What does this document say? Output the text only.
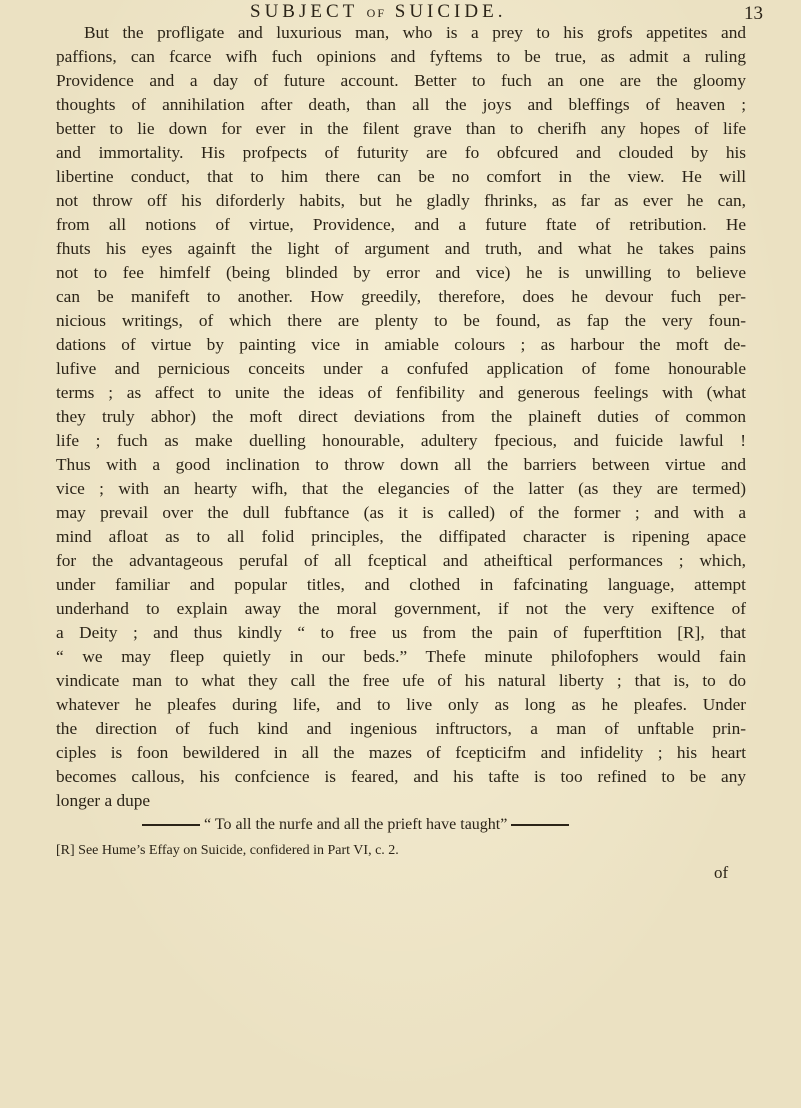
SUBJECT OF SUICIDE.	13
But the profligate and luxurious man, who is a prey to his grofs appetites and
paffions, can fcarce wifh fuch opinions and fyftems to be true, as admit a ruling
Providence and a day of future account. Better to fuch an one are the gloomy
thoughts of annihilation after death, than all the joys and bleffings of heaven ;
better to lie down for ever in the filent grave than to cherifh any hopes of life
and immortality. His profpects of futurity are fo obfcured and clouded by his
libertine conduct, that to him there can be no comfort in the view. He will
not throw off his diforderly habits, but he gladly fhrinks, as far as ever he can,
from all notions of virtue, Providence, and a future ftate of retribution. He
fhuts his eyes againft the light of argument and truth, and what he takes pains
not to fee himfelf (being blinded by error and vice) he is unwilling to believe
can be manifeft to another. How greedily, therefore, does he devour fuch per-
nicious writings, of which there are plenty to be found, as fap the very foun-
dations of virtue by painting vice in amiable colours ; as harbour the moft de-
lufive and pernicious conceits under a confufed application of fome honourable
terms ; as affect to unite the ideas of fenfibility and generous feelings with (what
they truly abhor) the moft direct deviations from the plaineft duties of common
life ; fuch as make duelling honourable, adultery fpecious, and fuicide lawful !
Thus with a good inclination to throw down all the barriers between virtue and
vice ; with an hearty wifh, that the elegancies of the latter (as they are termed)
may prevail over the dull fubftance (as it is called) of the former ; and with a
mind afloat as to all folid principles, the diffipated character is ripening apace
for the advantageous perufal of all fceptical and atheiftical performances ; which,
under familiar and popular titles, and clothed in fafcinating language, attempt
underhand to explain away the moral government, if not the very exiftence of
a Deity ; and thus kindly “ to free us from the pain of fuperftition [R], that
“ we may fleep quietly in our beds.” Thefe minute philofophers would fain
vindicate man to what they call the free ufe of his natural liberty ; that is, to do
whatever he pleafes during life, and to live only as long as he pleafes. Under
the direction of fuch kind and ingenious inftructors, a man of unftable prin-
ciples is foon bewildered in all the mazes of fcepticifm and infidelity ; his heart
becomes callous, his confcience is feared, and his tafte is too refined to be any
longer a dupe
“ To all the nurfe and all the prieft have taught”
[R] See Hume’s Effay on Suicide, confidered in Part VI, c. 2.
of
